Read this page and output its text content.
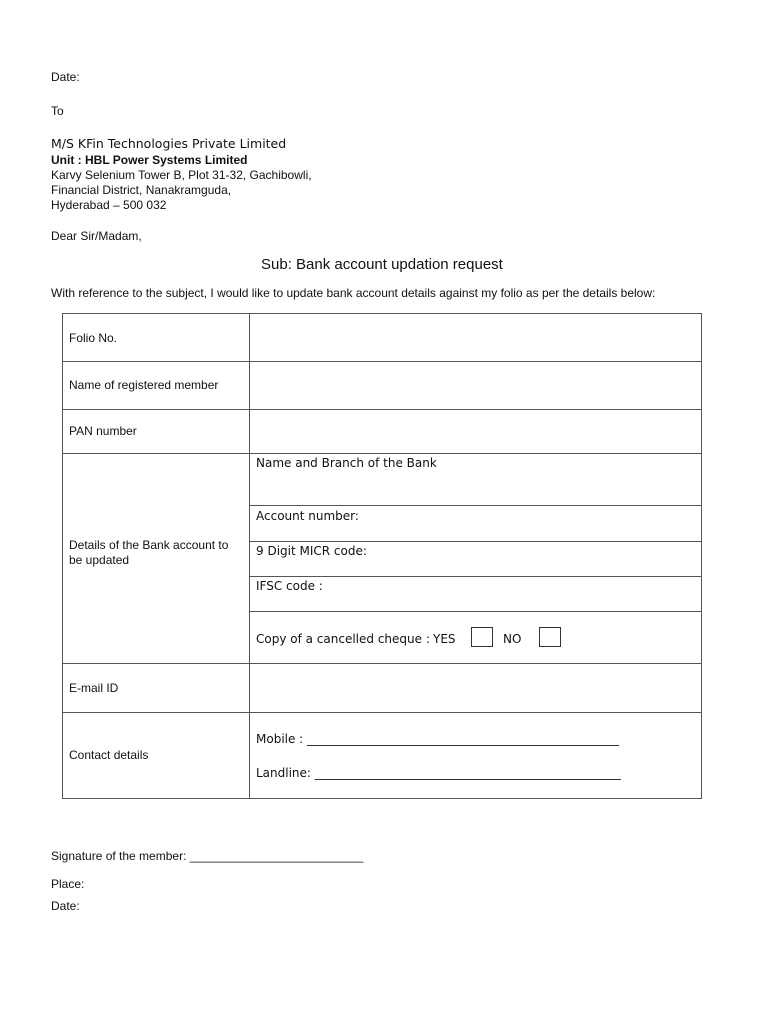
Date:
To
M/S KFin Technologies Private Limited
Unit : HBL Power Systems Limited
Karvy Selenium Tower B, Plot 31-32, Gachibowli,
Financial District, Nanakramguda,
Hyderabad – 500 032
Dear Sir/Madam,
Sub: Bank account updation request
With reference to the subject, I would like to update bank account details against my folio as per the details below:
Folio No.
Name of registered member
PAN number
Details of the Bank account to
be updated
E-mail ID
Contact details
Name and Branch of the Bank
Account number:
9 Digit MICR code:
IFSC code :
Copy of a cancelled cheque : YES	NO
Mobile : ____________________________________________________
Landline: ___________________________________________________
Signature of the member: __________________________
Place:
Date:
